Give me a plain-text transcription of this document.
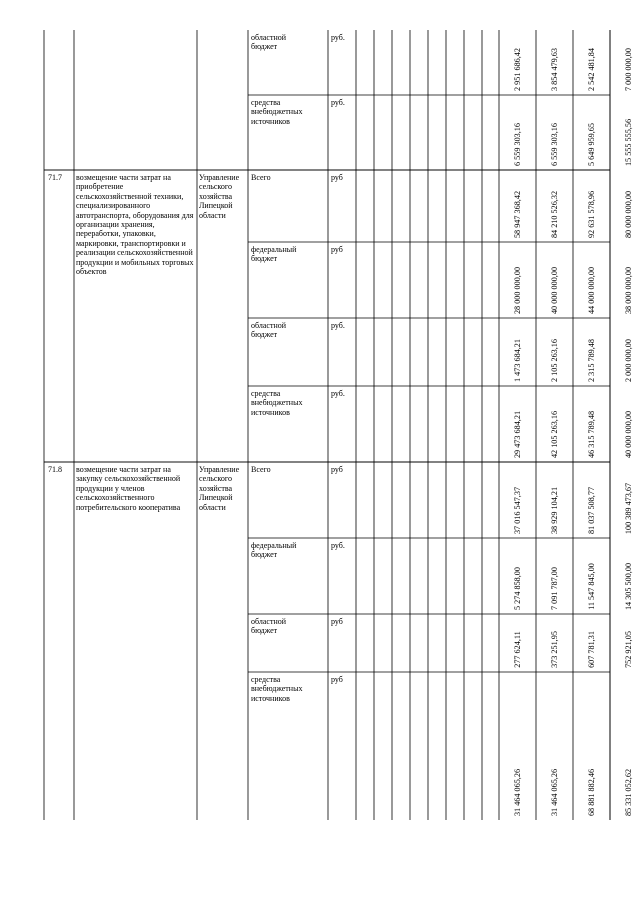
областной
бюджет
руб.
2 951 686,42	3 854 479,63	2 542 481,84	7 000 000,00
средства
внебюджетных
источников
руб.
6 559 303,16	6 559 303,16	5 649 959,65	15 555 555,56
71.7	возмещение части затрат на приобретение сельскохозяйственной техники, специализированного автотранспорта, оборудования для организации хранения, переработки, упаковки, маркировки, транспортировки и реализации сельскохозяйственной продукции и мобильных торговых объектов
Управление сельского хозяйства Липецкой области
Всего	руб
58 947 368,42	84 210 526,32	92 631 578,96	80 000 000,00
федеральный
бюджет
руб
28 000 000,00	40 000 000,00	44 000 000,00	38 000 000,00
областной
бюджет
руб.
1 473 684,21	2 105 263,16	2 315 789,48	2 000 000,00
средства
внебюджетных
источников
руб.
29 473 684,21	42 105 263,16	46 315 789,48	40 000 000,00
71.8	возмещение части затрат на закупку сельскохозяйственной продукции у членов сельскохозяйственного потребительского кооператива
Управление сельского хозяйства Липецкой области
Всего	руб
37 016 547,37	38 929 104,21	81 037 508,77	100 389 473,67
федеральный
бюджет
руб.
5 274 858,00	7 091 787,00	11 547 845,00	14 305 500,00
областной
бюджет
руб
277 624,11	373 251,95	607 781,31	752 921,05
средства
внебюджетных
источников
руб
31 464 065,26	31 464 065,26	68 881 882,46	85 331 052,62
